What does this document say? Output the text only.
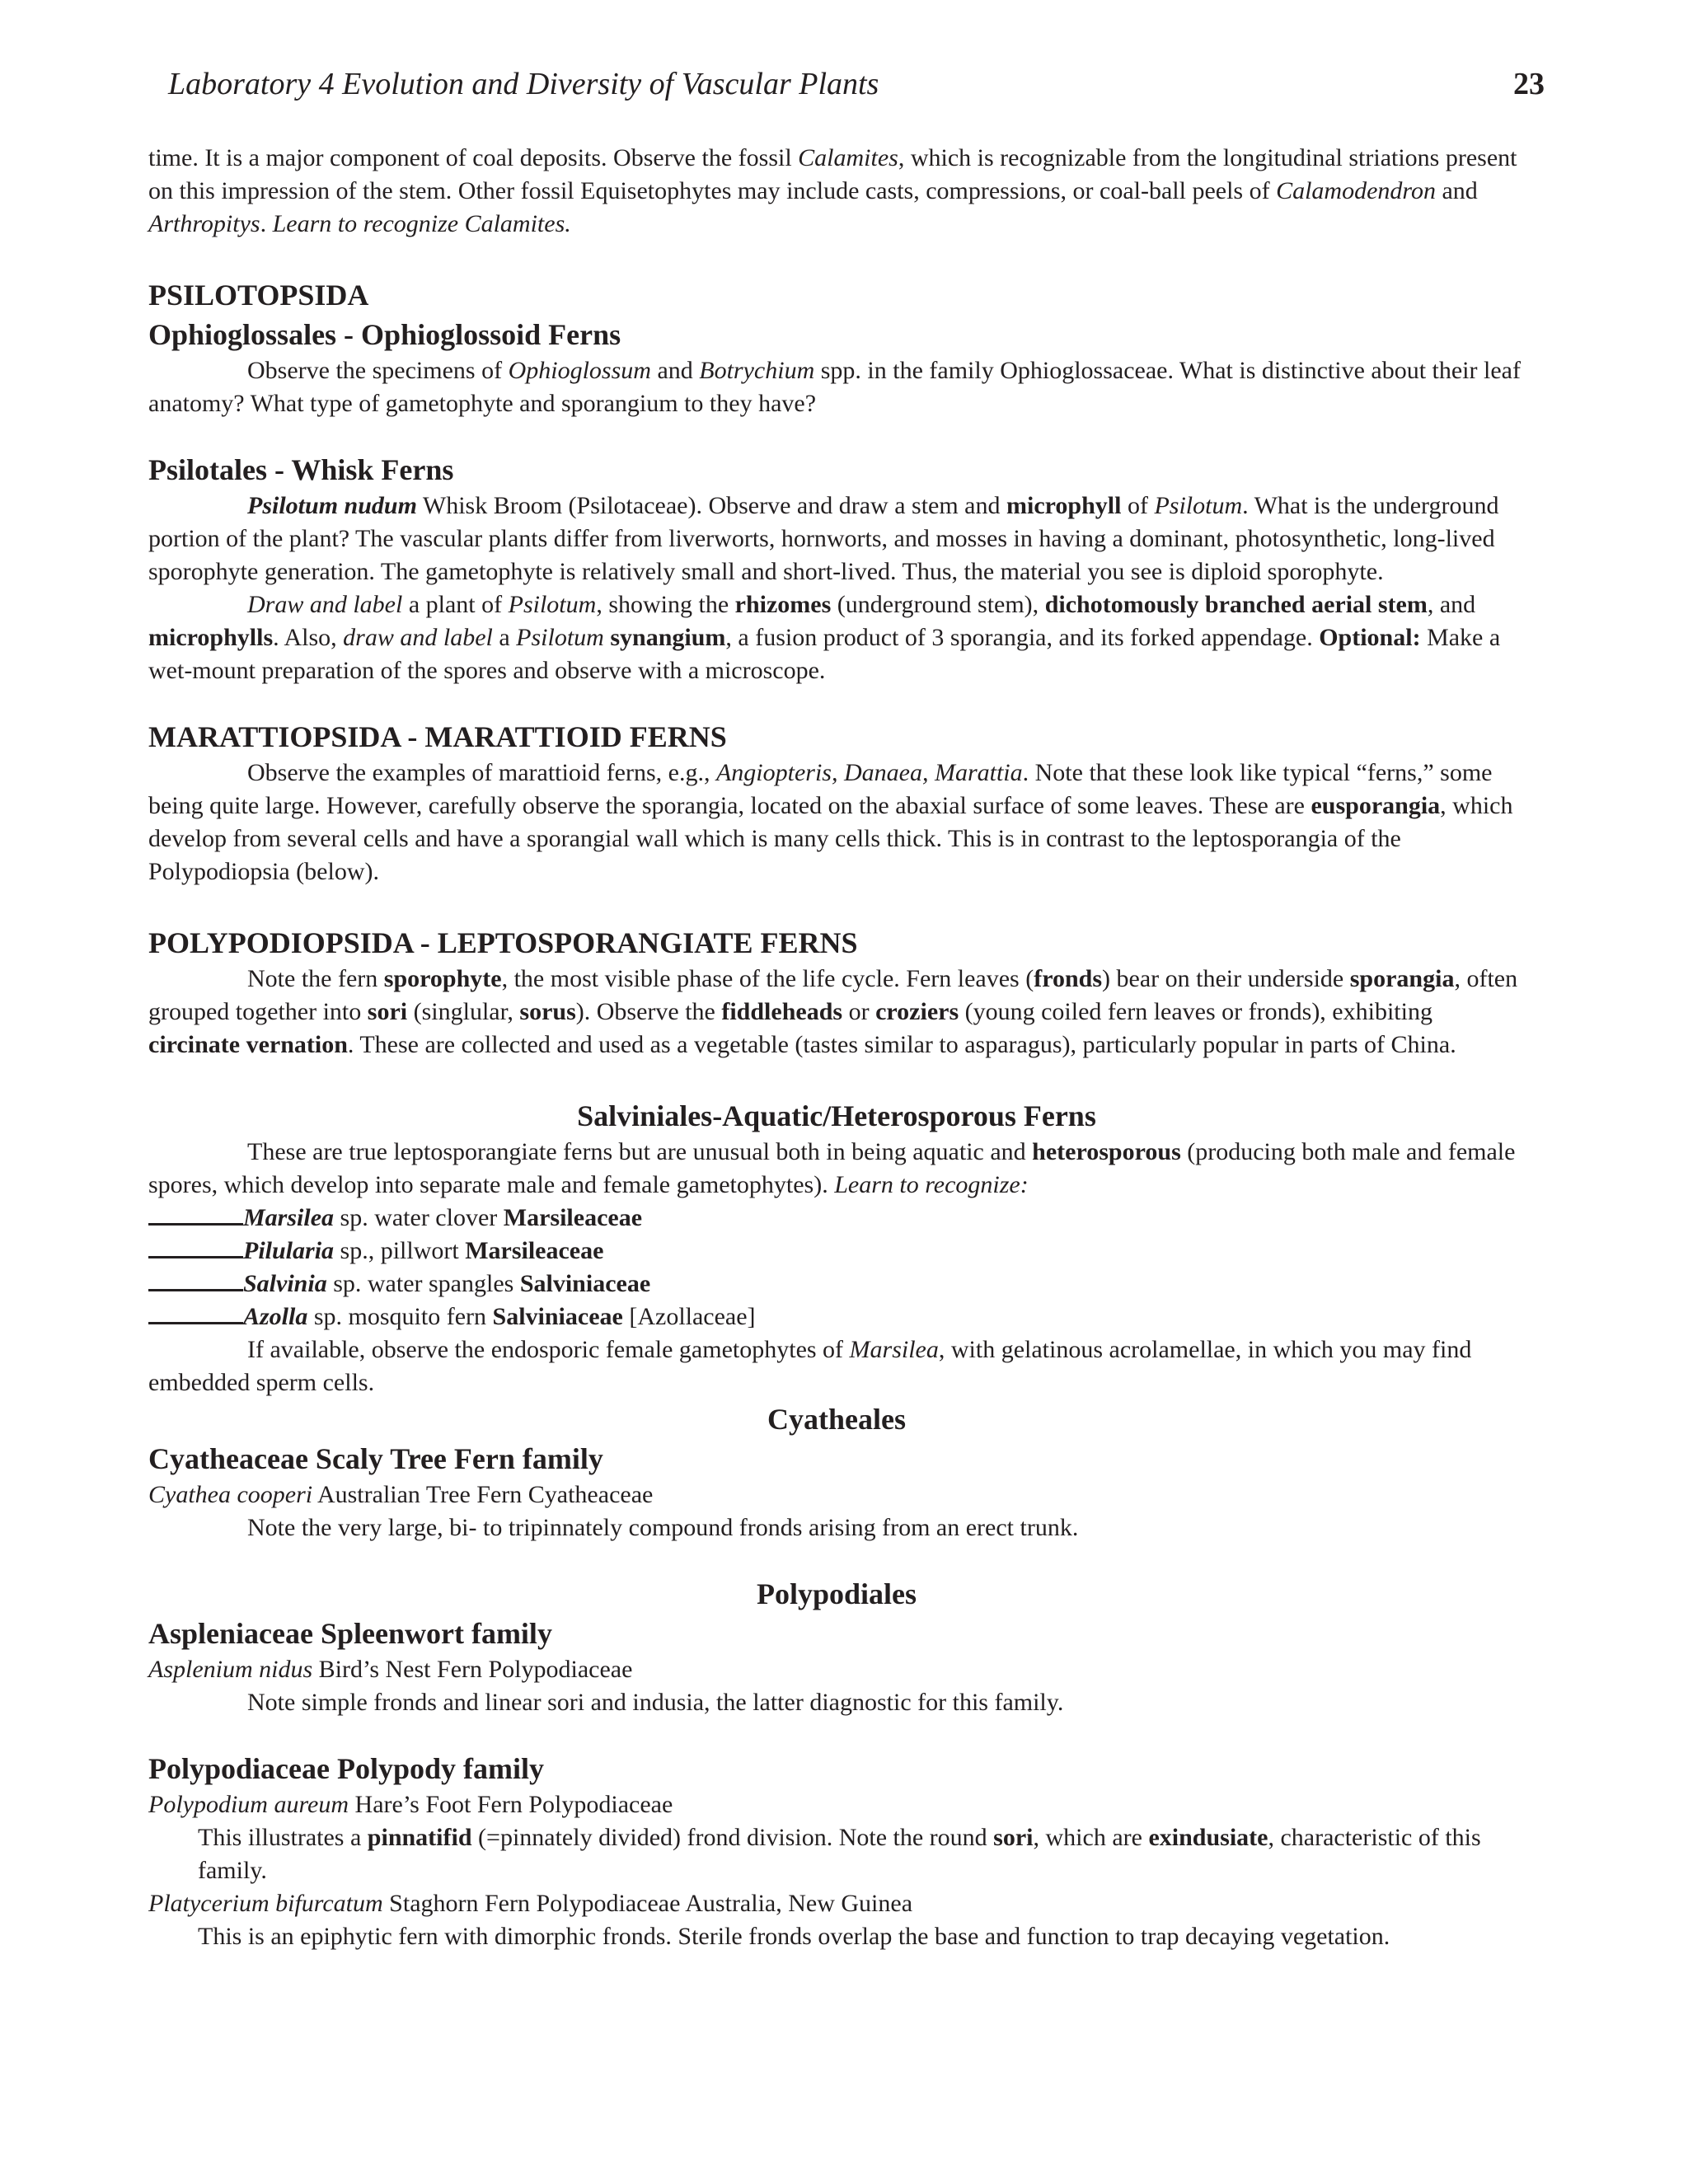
Laboratory 4 Evolution and Diversity of Vascular Plants	23

time. It is a major component of coal deposits. Observe the fossil Calamites, which is recognizable from the longitudinal striations present on this impression of the stem. Other fossil Equisetophytes may include casts, compressions, or coal-ball peels of Calamodendron and Arthropitys. Learn to recognize Calamites.

PSILOTOPSIDA
Ophioglossales - Ophioglossoid Ferns

Observe the specimens of Ophioglossum and Botrychium spp. in the family Ophioglossaceae. What is distinctive about their leaf anatomy? What type of gametophyte and sporangium to they have?

Psilotales - Whisk Ferns

Psilotum nudum Whisk Broom (Psilotaceae). Observe and draw a stem and microphyll of Psilotum. What is the underground portion of the plant? The vascular plants differ from liverworts, hornworts, and mosses in having a dominant, photosynthetic, long-lived sporophyte generation. The gametophyte is relatively small and short-lived. Thus, the material you see is diploid sporophyte.

Draw and label a plant of Psilotum, showing the rhizomes (underground stem), dichotomously branched aerial stem, and microphylls. Also, draw and label a Psilotum synangium, a fusion product of 3 sporangia, and its forked appendage. Optional: Make a wet-mount preparation of the spores and observe with a microscope.

MARATTIOPSIDA - MARATTIOID FERNS

Observe the examples of marattioid ferns, e.g., Angiopteris, Danaea, Marattia. Note that these look like typical “ferns,” some being quite large. However, carefully observe the sporangia, located on the abaxial surface of some leaves. These are eusporangia, which develop from several cells and have a sporangial wall which is many cells thick. This is in contrast to the leptosporangia of the Polypodiopsia (below).

POLYPODIOPSIDA - LEPTOSPORANGIATE FERNS

Note the fern sporophyte, the most visible phase of the life cycle. Fern leaves (fronds) bear on their underside sporangia, often grouped together into sori (singlular, sorus). Observe the fiddleheads or croziers (young coiled fern leaves or fronds), exhibiting circinate vernation. These are collected and used as a vegetable (tastes similar to asparagus), particularly popular in parts of China.

Salviniales-Aquatic/Heterosporous Ferns

These are true leptosporangiate ferns but are unusual both in being aquatic and heterosporous (producing both male and female spores, which develop into separate male and female gametophytes). Learn to recognize:

Marsilea sp. water clover Marsileaceae

Pilularia sp., pillwort Marsileaceae

Salvinia sp. water spangles Salviniaceae

Azolla sp. mosquito fern Salviniaceae [Azollaceae]

If available, observe the endosporic female gametophytes of Marsilea, with gelatinous acrolamellae, in which you may find embedded sperm cells.

Cyatheales
Cyatheaceae Scaly Tree Fern family

Cyathea cooperi Australian Tree Fern Cyatheaceae

Note the very large, bi- to tripinnately compound fronds arising from an erect trunk.

Polypodiales
Aspleniaceae Spleenwort family

Asplenium nidus Bird’s Nest Fern Polypodiaceae

Note simple fronds and linear sori and indusia, the latter diagnostic for this family.

Polypodiaceae Polypody family

Polypodium aureum Hare’s Foot Fern Polypodiaceae

This illustrates a pinnatifid (=pinnately divided) frond division. Note the round sori, which are exindusiate, characteristic of this family.

Platycerium bifurcatum Staghorn Fern Polypodiaceae Australia, New Guinea

This is an epiphytic fern with dimorphic fronds. Sterile fronds overlap the base and function to trap decaying vegetation.
